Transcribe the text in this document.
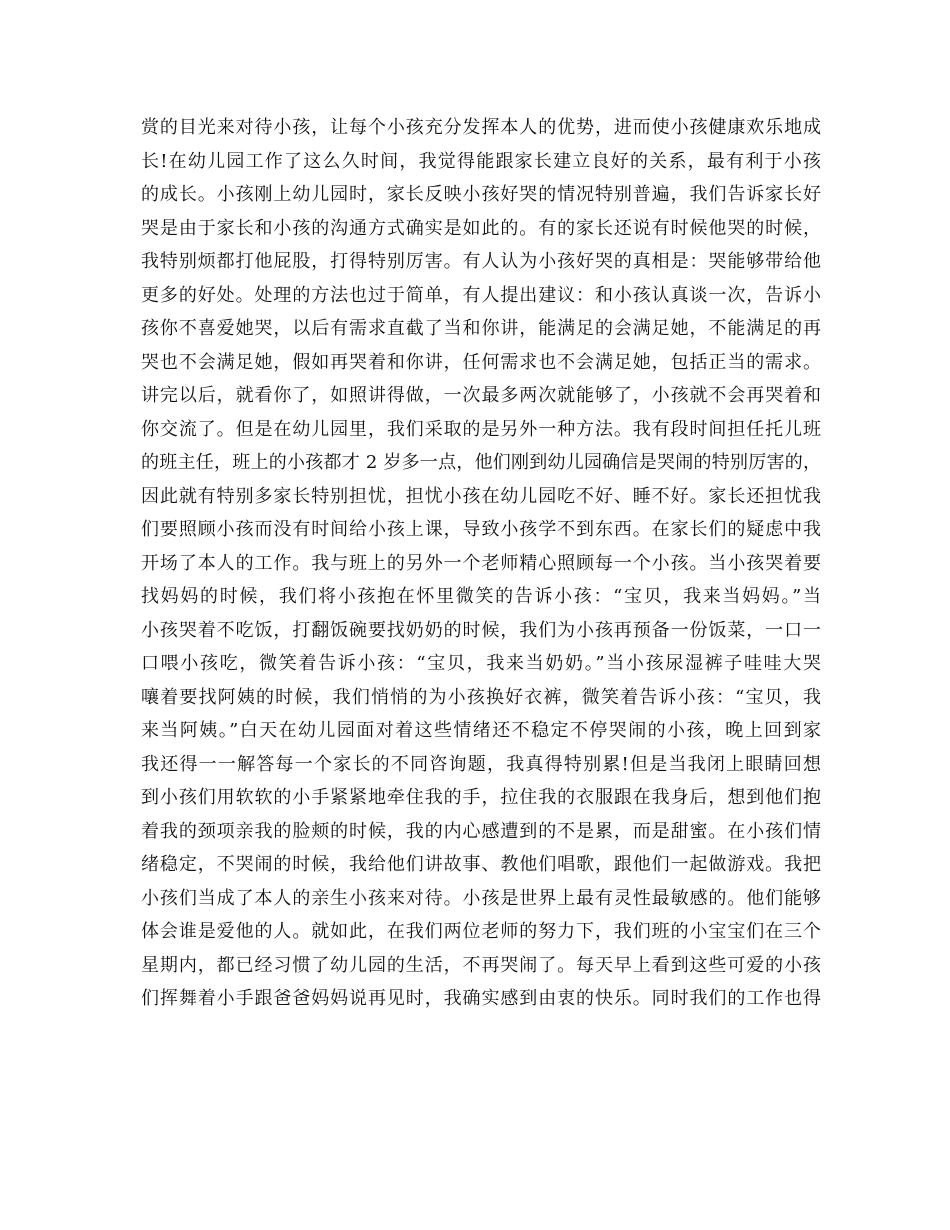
赏的目光来对待小孩，让每个小孩充分发挥本人的优势，进而使小孩健康欢乐地成
长!在幼儿园工作了这么久时间，我觉得能跟家长建立良好的关系，最有利于小孩
的成长。小孩刚上幼儿园时，家长反映小孩好哭的情况特别普遍，我们告诉家长好
哭是由于家长和小孩的沟通方式确实是如此的。有的家长还说有时候他哭的时候，
我特别烦都打他屁股，打得特别厉害。有人认为小孩好哭的真相是：哭能够带给他
更多的好处。处理的方法也过于简单，有人提出建议：和小孩认真谈一次，告诉小
孩你不喜爱她哭，以后有需求直截了当和你讲，能满足的会满足她，不能满足的再
哭也不会满足她，假如再哭着和你讲，任何需求也不会满足她，包括正当的需求。
讲完以后，就看你了，如照讲得做，一次最多两次就能够了，小孩就不会再哭着和
你交流了。但是在幼儿园里，我们采取的是另外一种方法。我有段时间担任托儿班
的班主任，班上的小孩都才 2 岁多一点，他们刚到幼儿园确信是哭闹的特别厉害的，
因此就有特别多家长特别担忧，担忧小孩在幼儿园吃不好、睡不好。家长还担忧我
们要照顾小孩而没有时间给小孩上课，导致小孩学不到东西。在家长们的疑虑中我
开场了本人的工作。我与班上的另外一个老师精心照顾每一个小孩。当小孩哭着要
找妈妈的时候，我们将小孩抱在怀里微笑的告诉小孩：“宝贝，我来当妈妈。”当
小孩哭着不吃饭，打翻饭碗要找奶奶的时候，我们为小孩再预备一份饭菜，一口一
口喂小孩吃，微笑着告诉小孩：“宝贝，我来当奶奶。”当小孩尿湿裤子哇哇大哭
嚷着要找阿姨的时候，我们悄悄的为小孩换好衣裤，微笑着告诉小孩：“宝贝，我
来当阿姨。”白天在幼儿园面对着这些情绪还不稳定不停哭闹的小孩，晚上回到家
我还得一一解答每一个家长的不同咨询题，我真得特别累!但是当我闭上眼睛回想
到小孩们用软软的小手紧紧地牵住我的手，拉住我的衣服跟在我身后，想到他们抱
着我的颈项亲我的脸颊的时候，我的内心感遭到的不是累，而是甜蜜。在小孩们情
绪稳定，不哭闹的时候，我给他们讲故事、教他们唱歌，跟他们一起做游戏。我把
小孩们当成了本人的亲生小孩来对待。小孩是世界上最有灵性最敏感的。他们能够
体会谁是爱他的人。就如此，在我们两位老师的努力下，我们班的小宝宝们在三个
星期内，都已经习惯了幼儿园的生活，不再哭闹了。每天早上看到这些可爱的小孩
们挥舞着小手跟爸爸妈妈说再见时，我确实感到由衷的快乐。同时我们的工作也得
